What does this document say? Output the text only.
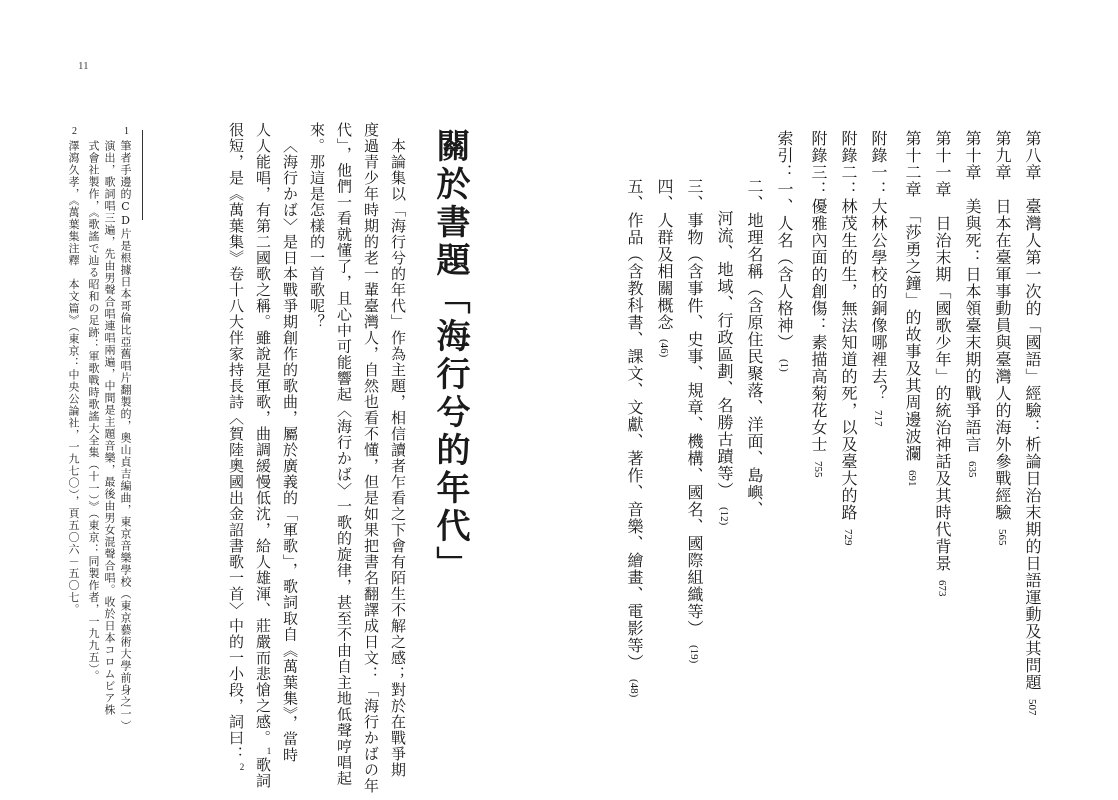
11
第八章　臺灣人第一次的「國語」經驗：析論日治末期的日語運動及其問題507
第九章　日本在臺軍事動員與臺灣人的海外參戰經驗565
第十章　美與死：日本領臺末期的戰爭語言635
第十一章　日治末期「國歌少年」的統治神話及其時代背景673
第十二章　「莎勇之鐘」的故事及其周邊波瀾691
附錄一：大林公學校的銅像哪裡去？717
附錄二：林茂生的生，無法知道的死，以及臺大的路729
附錄三：優雅內面的創傷：素描高菊花女士755
索引：一、人名（含人格神）(1)
二、地理名稱（含原住民聚落、洋面、島嶼、
河流、地域、行政區劃、名勝古蹟等）(12)
三、事物（含事件、史事、規章、機構、國名、國際組織等）(19)
四、人群及相關概念(46)
五、作品（含教科書、課文、文獻、著作、音樂、繪畫、電影等）(48)
關於書題「海行兮的年代」
本論集以「海行兮的年代」作為主題，相信讀者乍看之下會有陌生不解之感；對於在戰爭期
度過青少年時期的老一輩臺灣人，自然也看不懂，但是如果把書名翻譯成日文：「海行かばの年
代」，他們一看就懂了，且心中可能響起〈海行かば〉一歌的旋律，甚至不由自主地低聲哼唱起
來。那這是怎樣的一首歌呢？
〈海行かば〉是日本戰爭期創作的歌曲，屬於廣義的「軍歌」，歌詞取自《萬葉集》，當時
人人能唱，有第二國歌之稱。雖說是軍歌，曲調緩慢低沈，給人雄渾、莊嚴而悲愴之感。$^1$歌詞
很短，是《萬葉集》卷十八大伴家持長詩〈賀陸奧國出金詔書歌一首〉中的一小段，詞曰：$^2$
1
筆者手邊的CD片是根據日本哥倫比亞舊唱片翻製的，奧山貞吉編曲，東京音樂學校（東京藝術大學前身之一）
演出，歌詞唱三遍，先由男聲合唱連唱兩遍，中間是主題音樂，最後由男女混聲合唱。收於日本コロムビア株
式會社製作，《歌謠で辿る昭和の足跡：軍歌戰時歌謠大全集（十一）》（東京：同製作者，一九九五）。
2
澤瀉久孝，《萬葉集注釋　本文篇》（東京：中央公論社，一九七〇），頁五〇六－五〇七。
